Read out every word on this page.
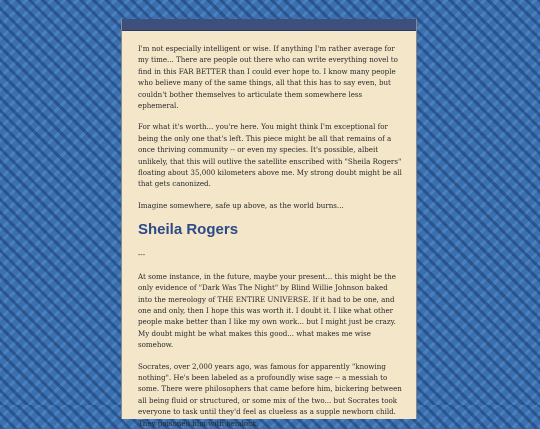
I'm not especially intelligent or wise. If anything I'm rather average for my time... There are people out there who can write everything novel to find in this FAR BETTER than I could ever hope to. I know many people who believe many of the same things, all that this has to say even, but couldn't bother themselves to articulate them somewhere less ephemeral.

For what it's worth... you're here. You might think I'm exceptional for being the only one that's left. This piece might be all that remains of a once thriving community -- or even my species. It's possible, albeit unlikely, that this will outlive the satellite enscribed with "Sheila Rogers" floating about 35,000 kilometers above me. My strong doubt might be all that gets canonized.

Imagine somewhere, safe up above, as the world burns...

Sheila Rogers

---

At some instance, in the future, maybe your present... this might be the only evidence of "Dark Was The Night" by Blind Willie Johnson baked into the mereology of THE ENTIRE UNIVERSE. If it had to be one, and one and only, then I hope this was worth it. I doubt it. I like what other people make better than I like my own work... but I might just be crazy. My doubt might be what makes this good... what makes me wise somehow.

Socrates, over 2,000 years ago, was famous for apparently "knowing nothing". He's been labeled as a profoundly wise sage -- a messiah to some. There were philosophers that came before him, bickering between all being fluid or structured, or some mix of the two... but Socrates took everyone to task until they'd feel as clueless as a supple newborn child. They poisoned him with hemlock.
